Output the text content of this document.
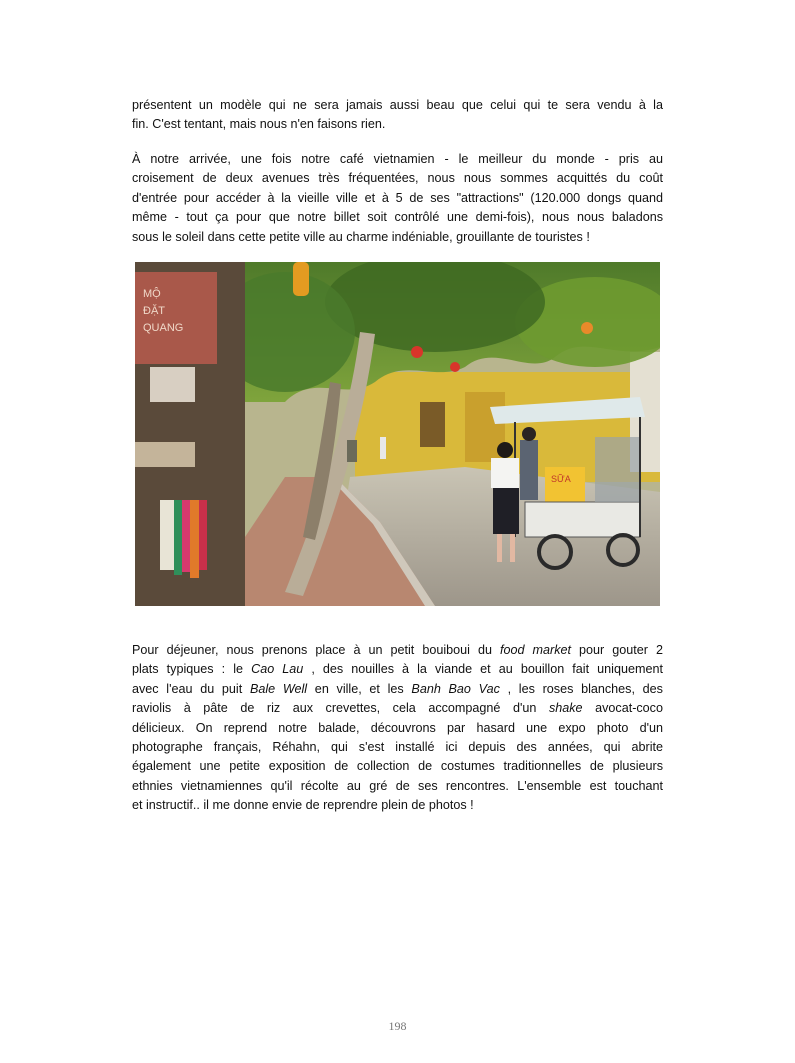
présentent un modèle qui ne sera jamais aussi beau que celui qui te sera vendu à la
fin. C'est tentant, mais nous n'en faisons rien.
À notre arrivée, une fois notre café vietnamien - le meilleur du monde - pris au
croisement de deux avenues très fréquentées, nous nous sommes acquittés du coût
d'entrée pour accéder à la vieille ville et à 5 de ses "attractions" (120.000 dongs quand
même - tout ça pour que notre billet soit contrôlé une demi-fois), nous nous baladons
sous le soleil dans cette petite ville au charme indéniable, grouillante de touristes !
MỘ
ĐẶT
QUANG
SỮA
Pour déjeuner, nous prenons place à un petit bouiboui du food market pour gouter 2
plats typiques : le Cao Lau , des nouilles à la viande et au bouillon fait uniquement
avec l'eau du puit Bale Well en ville, et les Banh Bao Vac , les roses blanches, des
raviolis à pâte de riz aux crevettes, cela accompagné d'un shake avocat-coco
délicieux. On reprend notre balade, découvrons par hasard une expo photo d'un
photographe français, Réhahn, qui s'est installé ici depuis des années, qui abrite
également une petite exposition de collection de costumes traditionnelles de plusieurs
ethnies vietnamiennes qu'il récolte au gré de ses rencontres. L'ensemble est touchant
et instructif.. il me donne envie de reprendre plein de photos !
198
